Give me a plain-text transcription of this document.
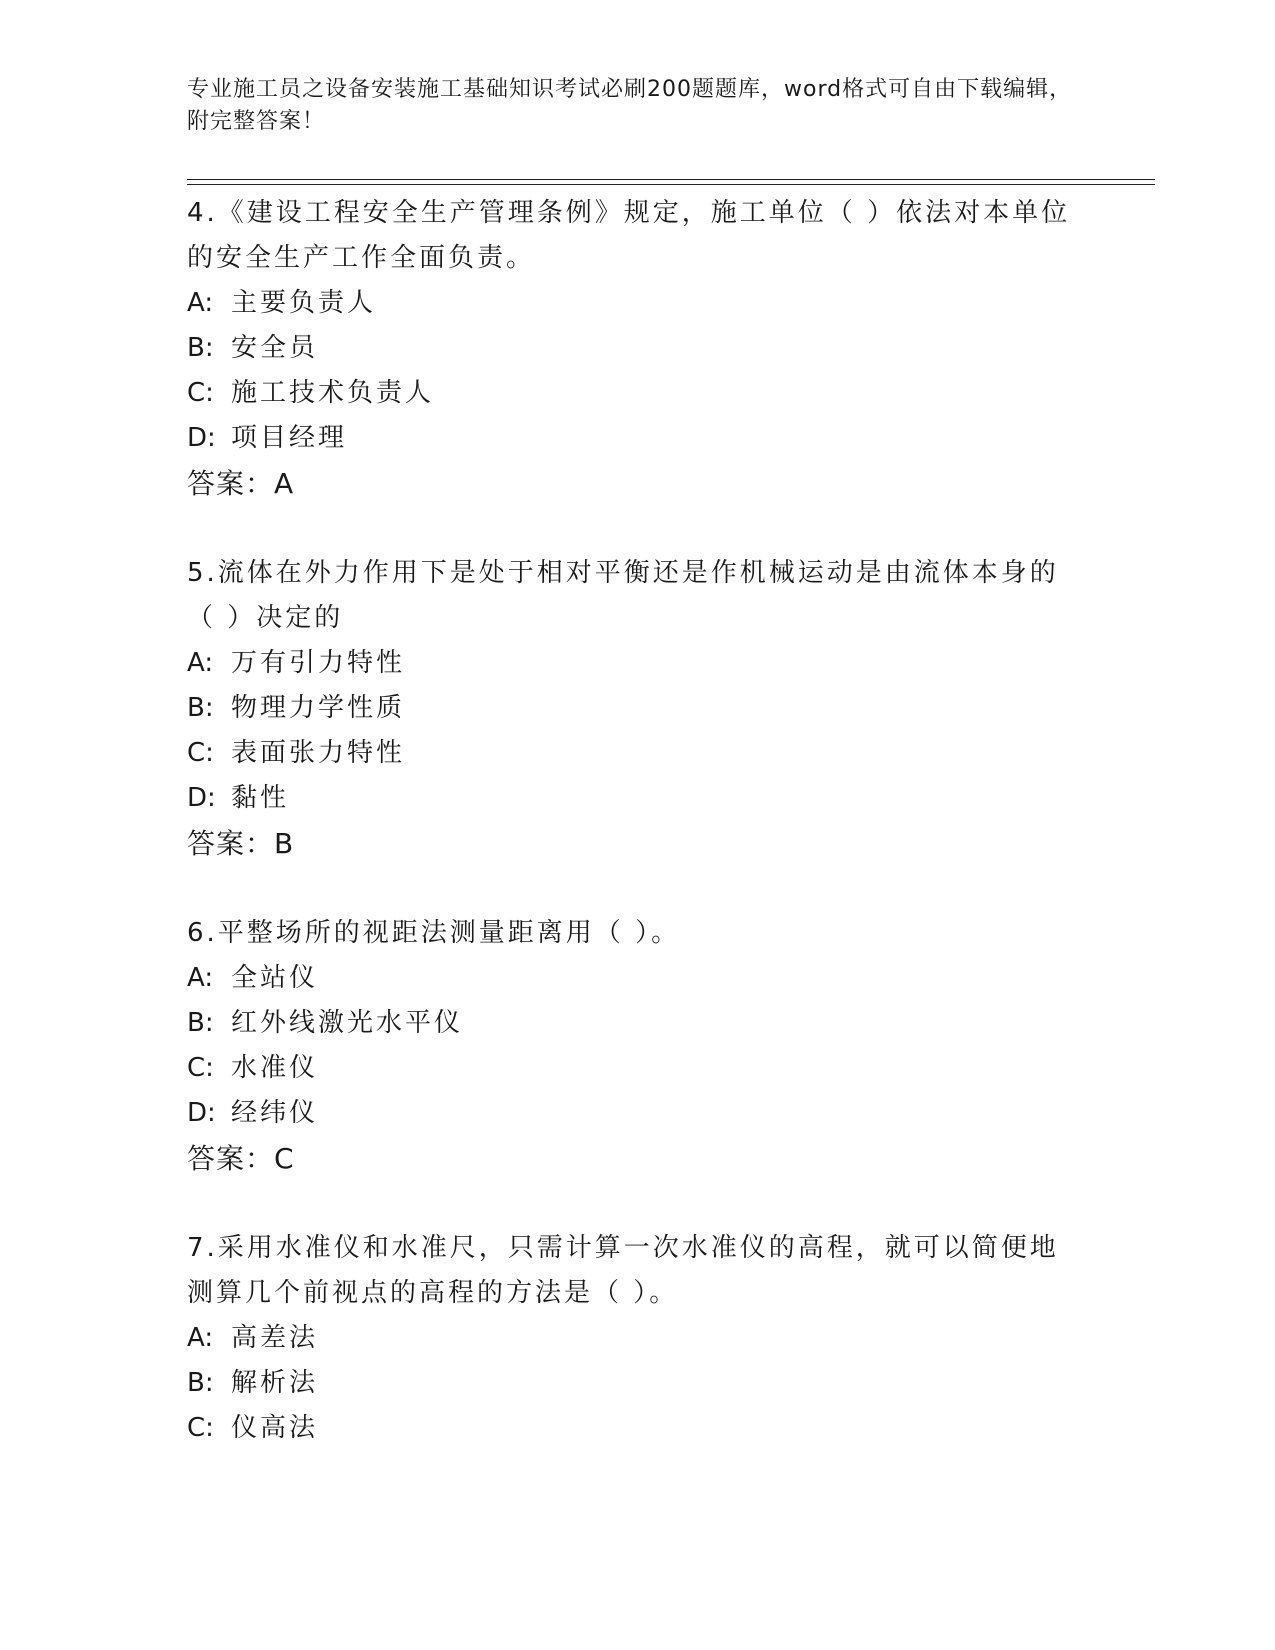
专业施工员之设备安装施工基础知识考试必刷200题题库，word格式可自由下载编辑，附完整答案！
4.《建设工程安全生产管理条例》规定，施工单位（ ）依法对本单位的安全生产工作全面负责。
A: 主要负责人
B: 安全员
C: 施工技术负责人
D: 项目经理
答案：A
5.流体在外力作用下是处于相对平衡还是作机械运动是由流体本身的（ ）决定的
A: 万有引力特性
B: 物理力学性质
C: 表面张力特性
D: 黏性
答案：B
6.平整场所的视距法测量距离用（ ）。
A: 全站仪
B: 红外线激光水平仪
C: 水准仪
D: 经纬仪
答案：C
7.采用水准仪和水准尺，只需计算一次水准仪的高程，就可以简便地测算几个前视点的高程的方法是（ ）。
A: 高差法
B: 解析法
C: 仪高法
